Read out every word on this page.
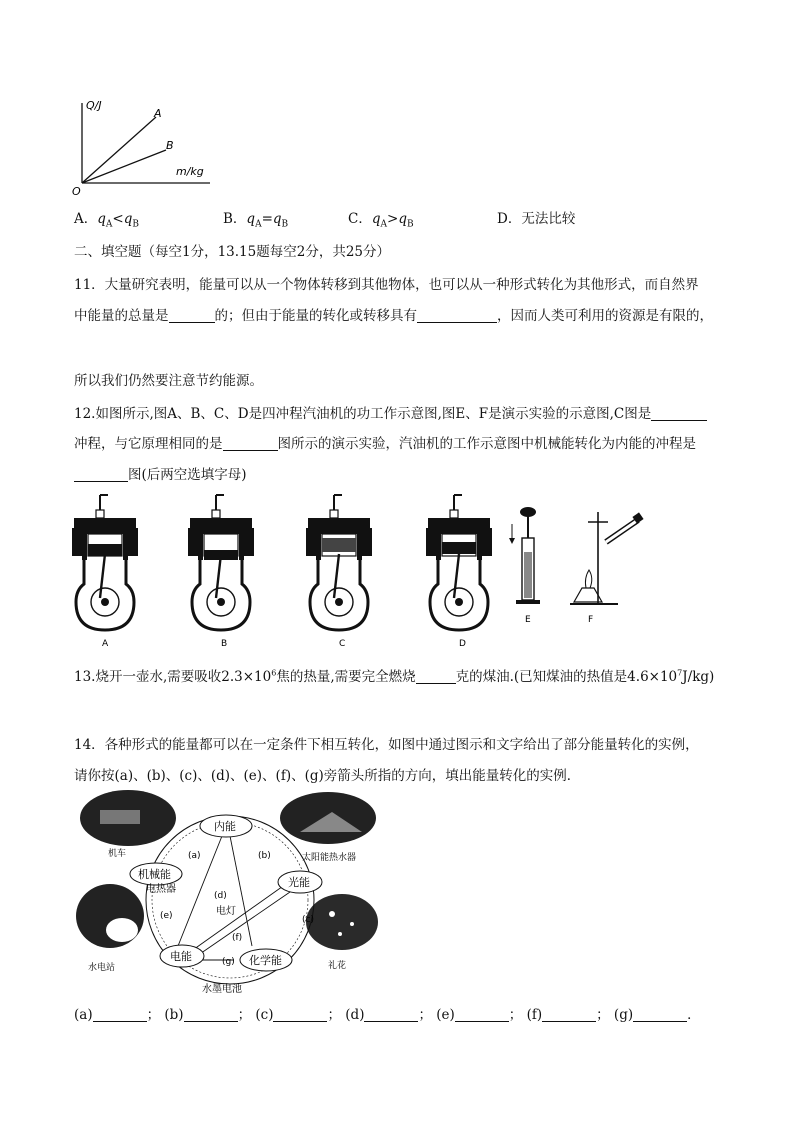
Q/J
m/kg
O
A
B
A．$q_A<q_B$	B．$q_A=q_B$	C．$q_A>q_B$	D．无法比较
二、填空题（每空1分，13.15题每空2分，共25分）
11．大量研究表明，能量可以从一个物体转移到其他物体，也可以从一种形式转化为其他形式，而自然界
中能量的总量是	的；但由于能量的转化或转移具有	，因而人类可利用的资源是有限的，
所以我们仍然要注意节约能源。
12.如图所示,图A、B、C、D是四冲程汽油机的功工作示意图,图E、F是演示实验的示意图,C图是
冲程，与它原理相同的是	图所示的演示实验，汽油机的工作示意图中机械能转化为内能的冲程是
图(后两空选填字母)
A	B	C	D
E	F
13.烧开一壶水,需要吸收$2.3\times 10^6$焦的热量,需要完全燃烧	克的煤油.(已知煤油的热值是$4.6\times 10^7J/kg$)
14．各种形式的能量都可以在一定条件下相互转化，如图中通过图示和文字给出了部分能量转化的实例，
请你按(a)、(b)、(c)、(d)、(e)、(f)、(g)旁箭头所指的方向，填出能量转化的实例．
机车	太阳能热水器
水电站	礼花
内能
机械能
光能
电能	化学能
(a)	(b)
(c)
(d)
(e)
(f)
(g)
电热器
电灯
水墨电池
(a)	； (b)	； (c)	； (d)	； (e)	； (f)	； (g)	．
